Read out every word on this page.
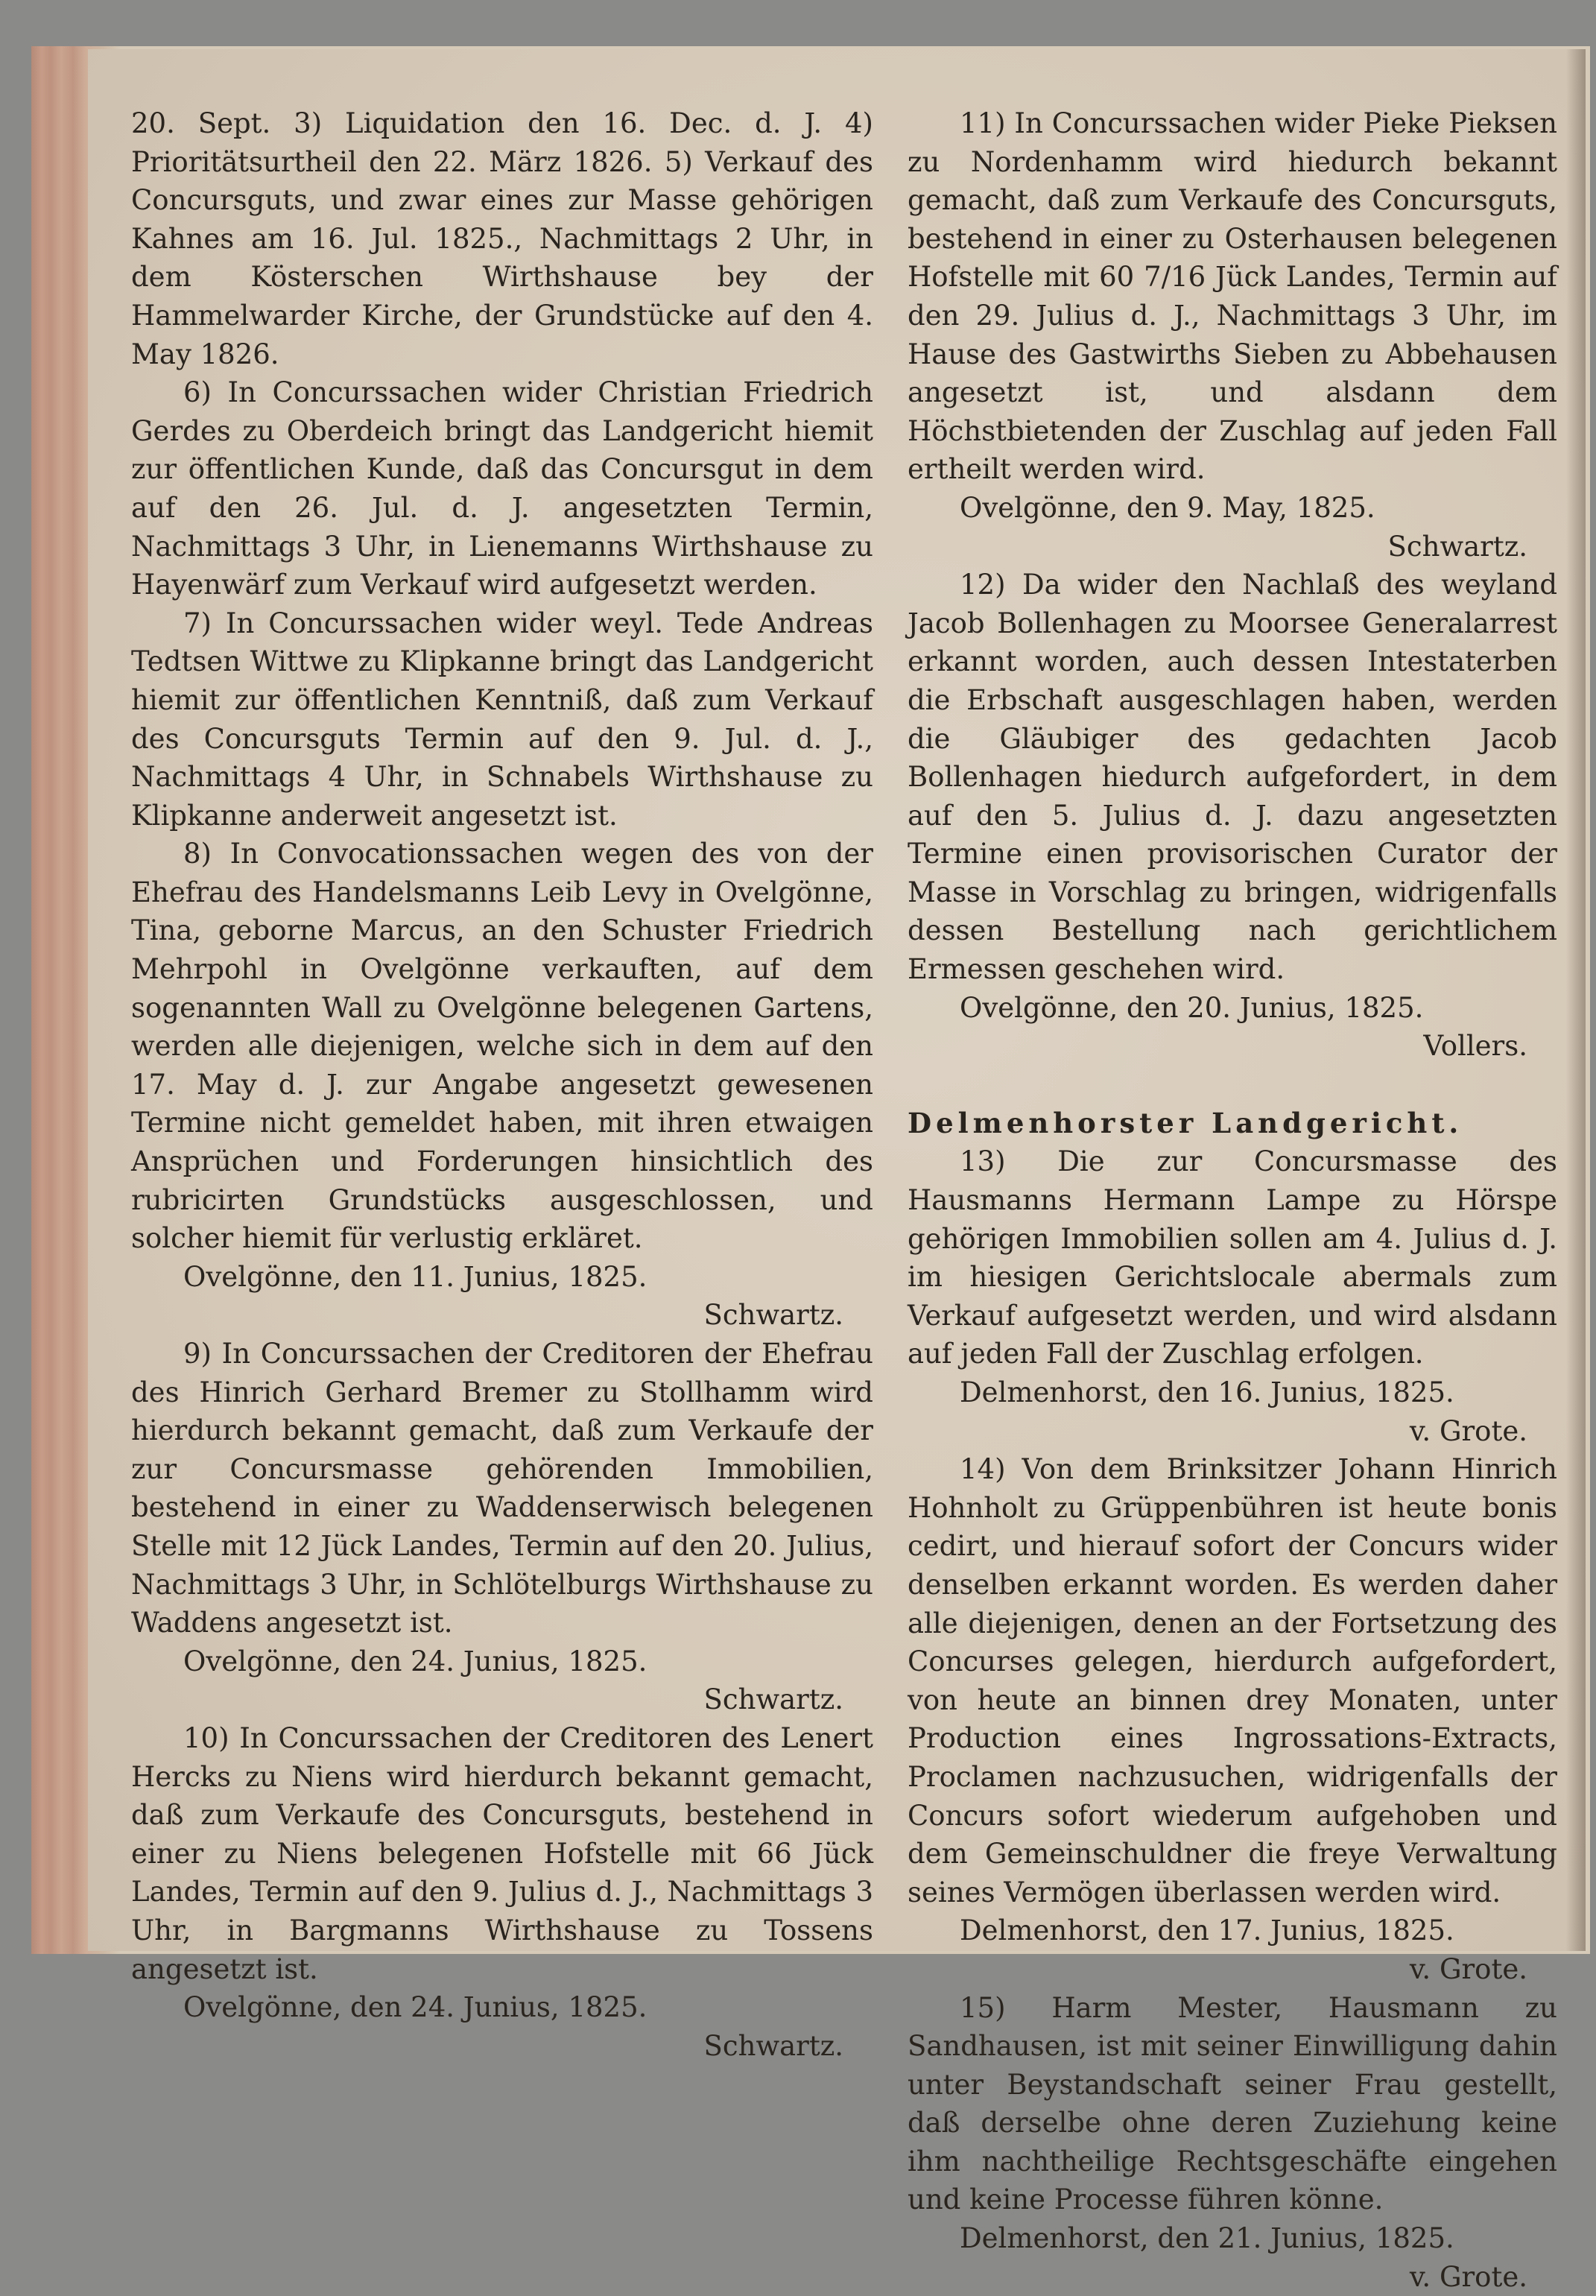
20. Sept. 3) Liquidation den 16. Dec. d. J. 4) Prioritätsurtheil den 22. März 1826. 5) Verkauf des Concursguts, und zwar eines zur Masse gehörigen Kahnes am 16. Jul. 1825., Nachmittags 2 Uhr, in dem Kösterschen Wirthshause bey der Hammelwarder Kirche, der Grundstücke auf den 4. May 1826.

6) In Concurssachen wider Christian Friedrich Gerdes zu Oberdeich bringt das Landgericht hiemit zur öffentlichen Kunde, daß das Concursgut in dem auf den 26. Jul. d. J. angesetzten Termin, Nachmittags 3 Uhr, in Lienemanns Wirthshause zu Hayenwärf zum Verkauf wird aufgesetzt werden.

7) In Concurssachen wider weyl. Tede Andreas Tedtsen Wittwe zu Klipkanne bringt das Landgericht hiemit zur öffentlichen Kenntniß, daß zum Verkauf des Concursguts Termin auf den 9. Jul. d. J., Nachmittags 4 Uhr, in Schnabels Wirthshause zu Klipkanne anderweit angesetzt ist.

8) In Convocationssachen wegen des von der Ehefrau des Handelsmanns Leib Levy in Ovelgönne, Tina, geborne Marcus, an den Schuster Friedrich Mehrpohl in Ovelgönne verkauften, auf dem sogenannten Wall zu Ovelgönne belegenen Gartens, werden alle diejenigen, welche sich in dem auf den 17. May d. J. zur Angabe angesetzt gewesenen Termine nicht gemeldet haben, mit ihren etwaigen Ansprüchen und Forderungen hinsichtlich des rubricirten Grundstücks ausgeschlossen, und solcher hiemit für verlustig erkläret.

Ovelgönne, den 11. Junius, 1825.

Schwartz.

9) In Concurssachen der Creditoren der Ehefrau des Hinrich Gerhard Bremer zu Stollhamm wird hierdurch bekannt gemacht, daß zum Verkaufe der zur Concursmasse gehörenden Immobilien, bestehend in einer zu Waddenserwisch belegenen Stelle mit 12 Jück Landes, Termin auf den 20. Julius, Nachmittags 3 Uhr, in Schlötelburgs Wirthshause zu Waddens angesetzt ist.

Ovelgönne, den 24. Junius, 1825.

Schwartz.

10) In Concurssachen der Creditoren des Lenert Hercks zu Niens wird hierdurch bekannt gemacht, daß zum Verkaufe des Concursguts, bestehend in einer zu Niens belegenen Hofstelle mit 66 Jück Landes, Termin auf den 9. Julius d. J., Nachmittags 3 Uhr, in Bargmanns Wirthshause zu Tossens angesetzt ist.

Ovelgönne, den 24. Junius, 1825.

Schwartz.

11) In Concurssachen wider Pieke Pieksen zu Nordenhamm wird hiedurch bekannt gemacht, daß zum Verkaufe des Concursguts, bestehend in einer zu Osterhausen belegenen Hofstelle mit 60 7/16 Jück Landes, Termin auf den 29. Julius d. J., Nachmittags 3 Uhr, im Hause des Gastwirths Sieben zu Abbehausen angesetzt ist, und alsdann dem Höchstbietenden der Zuschlag auf jeden Fall ertheilt werden wird.

Ovelgönne, den 9. May, 1825.

Schwartz.

12) Da wider den Nachlaß des weyland Jacob Bollenhagen zu Moorsee Generalarrest erkannt worden, auch dessen Intestaterben die Erbschaft ausgeschlagen haben, werden die Gläubiger des gedachten Jacob Bollenhagen hiedurch aufgefordert, in dem auf den 5. Julius d. J. dazu angesetzten Termine einen provisorischen Curator der Masse in Vorschlag zu bringen, widrigenfalls dessen Bestellung nach gerichtlichem Ermessen geschehen wird.

Ovelgönne, den 20. Junius, 1825.

Vollers.

Delmenhorster Landgericht.

13) Die zur Concursmasse des Hausmanns Hermann Lampe zu Hörspe gehörigen Immobilien sollen am 4. Julius d. J. im hiesigen Gerichtslocale abermals zum Verkauf aufgesetzt werden, und wird alsdann auf jeden Fall der Zuschlag erfolgen.

Delmenhorst, den 16. Junius, 1825.

v. Grote.

14) Von dem Brinksitzer Johann Hinrich Hohnholt zu Grüppenbühren ist heute bonis cedirt, und hierauf sofort der Concurs wider denselben erkannt worden. Es werden daher alle diejenigen, denen an der Fortsetzung des Concurses gelegen, hierdurch aufgefordert, von heute an binnen drey Monaten, unter Production eines Ingrossations-Extracts, Proclamen nachzusuchen, widrigenfalls der Concurs sofort wiederum aufgehoben und dem Gemeinschuldner die freye Verwaltung seines Vermögen überlassen werden wird.

Delmenhorst, den 17. Junius, 1825.

v. Grote.

15) Harm Mester, Hausmann zu Sandhausen, ist mit seiner Einwilligung dahin unter Beystandschaft seiner Frau gestellt, daß derselbe ohne deren Zuziehung keine ihm nachtheilige Rechtsgeschäfte eingehen und keine Processe führen könne.

Delmenhorst, den 21. Junius, 1825.

v. Grote.
